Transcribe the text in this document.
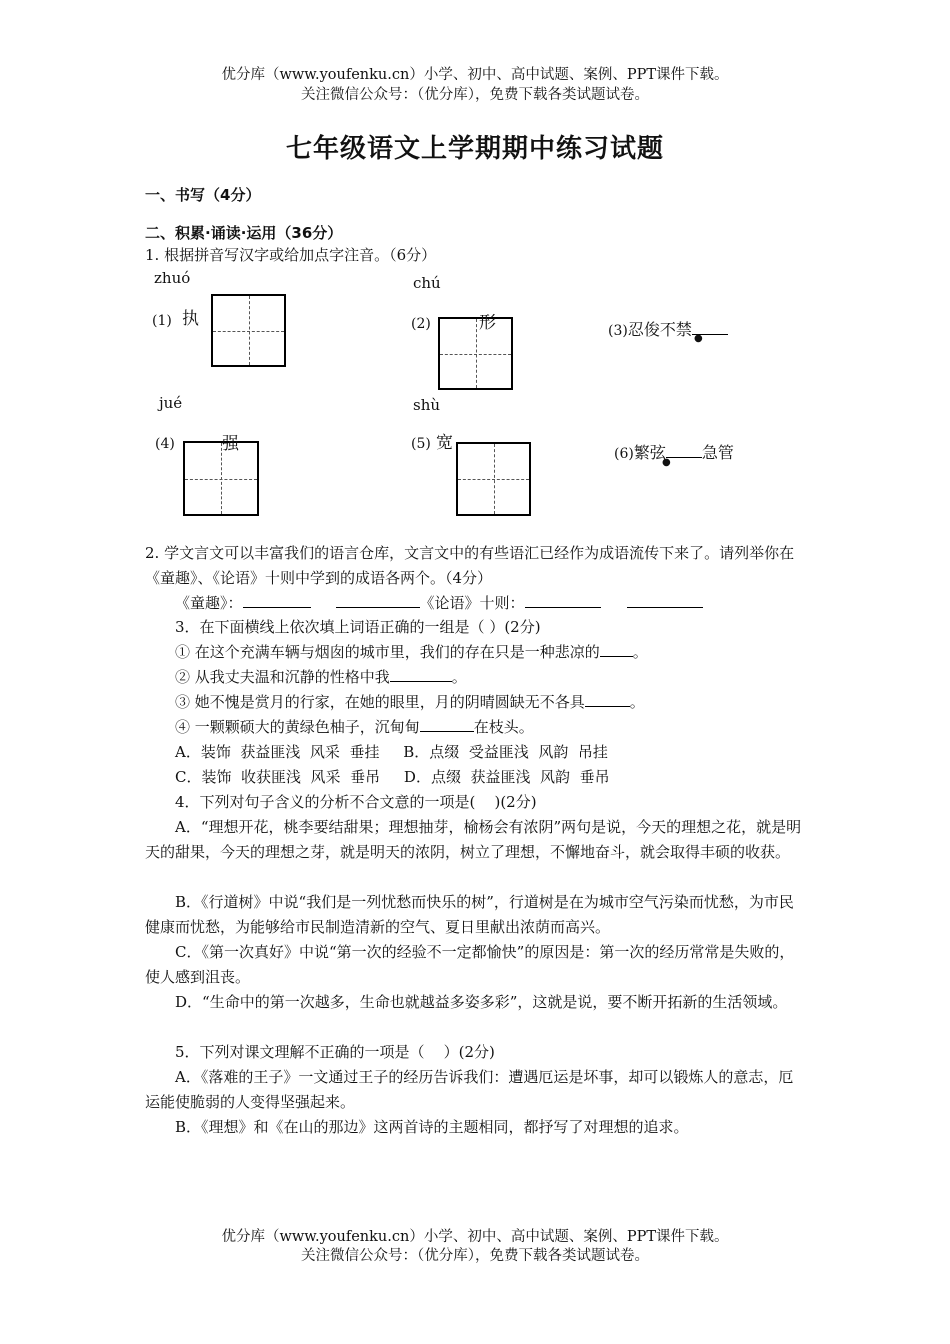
优分库（www.youfenku.cn）小学、初中、高中试题、案例、PPT课件下载。
关注微信公众号：（优分库），免费下载各类试题试卷。
七年级语文上学期期中练习试题
一、书写（4分）
二、积累·诵读·运用（36分）
1. 根据拼音写汉字或给加点字注音。（6分）
zhuó
(1) 执
chú
(2)	形	(3)忍俊不禁 ●
jué
(4)	强
shù
(5) 宽
(6)繁弦 急管
●
2. 学文言文可以丰富我们的语言仓库，文言文中的有些语汇已经作为成语流传下来了。请列举你在《童趣》、《论语》十则中学到的成语各两个。（4分）
《童趣》：	《论语》十则：
3．在下面横线上依次填上词语正确的一组是（ ）(2分)
① 在这个充满车辆与烟囱的城市里，我们的存在只是一种悲凉的 。
② 从我丈夫温和沉静的性格中我	。
③ 她不愧是赏月的行家，在她的眼里，月的阴晴圆缺无不各具	。
④ 一颗颗硕大的黄绿色柚子，沉甸甸	在枝头。
A．装饰  获益匪浅  风采  垂挂     B．点缀  受益匪浅  风韵  吊挂
C．装饰  收获匪浅  风采  垂吊     D．点缀  获益匪浅  风韵  垂吊
4．下列对句子含义的分析不合文意的一项是(    )(2分)
A．“理想开花，桃李要结甜果；理想抽芽，榆杨会有浓阴”两句是说，今天的理想之花，就是明天的甜果，今天的理想之芽，就是明天的浓阴，树立了理想，不懈地奋斗，就会取得丰硕的收获。
B．《行道树》中说“我们是一列忧愁而快乐的树”，行道树是在为城市空气污染而忧愁，为市民健康而忧愁，为能够给市民制造清新的空气、夏日里献出浓荫而高兴。
C．《第一次真好》中说“第一次的经验不一定都愉快”的原因是：第一次的经历常常是失败的，使人感到沮丧。
D．“生命中的第一次越多，生命也就越益多姿多彩”，这就是说，要不断开拓新的生活领域。
5．下列对课文理解不正确的一项是（    ）(2分)
A．《落难的王子》一文通过王子的经历告诉我们：遭遇厄运是坏事，却可以锻炼人的意志，厄运能使脆弱的人变得坚强起来。
B．《理想》和《在山的那边》这两首诗的主题相同，都抒写了对理想的追求。
优分库（www.youfenku.cn）小学、初中、高中试题、案例、PPT课件下载。
关注微信公众号：（优分库），免费下载各类试题试卷。
